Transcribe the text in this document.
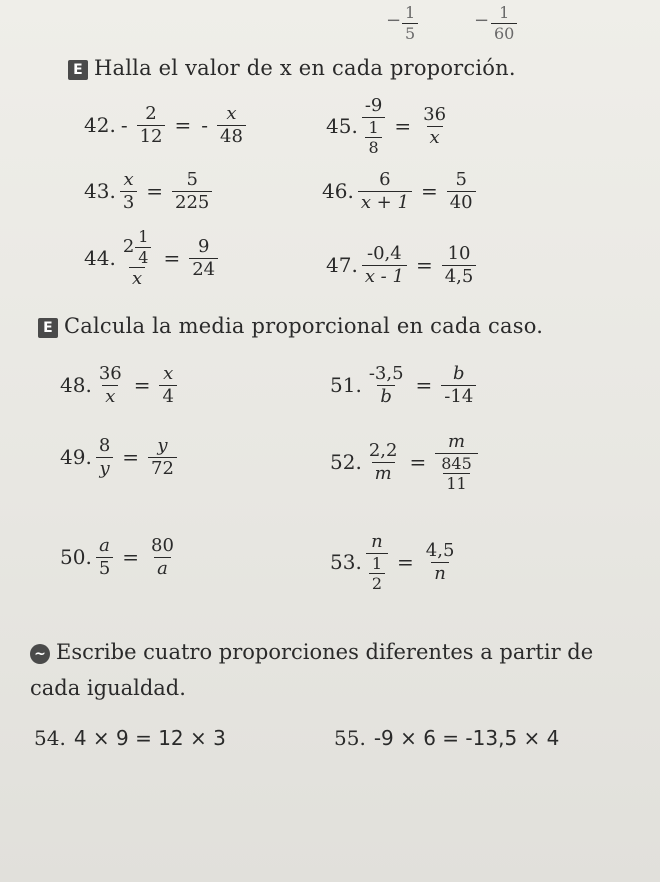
$\frac{1}{5}$
−	$\frac{1}{60}$
−
E Halla el valor de x en cada proporción.
42. - $\frac{2}{12}$ = - $\frac{x}{48}$	45. $\frac{-9}{\frac{1}{8}} = \frac{36}{x}$
43. $\frac{x}{3} = \frac{5}{225}$	46. $\frac{6}{x + 1} = \frac{5}{40}$
44. $\frac{2 \frac{1}{4}}{x} = \frac{9}{24}$	47. $\frac{-0,4}{x - 1} = \frac{10}{4,5}$
E Calcula la media proporcional en cada caso.
48. $\frac{36}{x} = \frac{x}{4}$	51. $\frac{-3,5}{b} = \frac{b}{-14}$
49. $\frac{8}{y} = \frac{y}{72}$	52. $\frac{2,2}{m} = \frac{m}{\frac{845}{11}}$
50. $\frac{a}{5} = \frac{80}{a}$	53. $\frac{n}{\frac{1}{2}} = \frac{4,5}{n}$
~ Escribe cuatro proporciones diferentes a partir de
cada igualdad.
54. 4 × 9 = 12 × 3	55. -9 × 6 = -13,5 × 4
